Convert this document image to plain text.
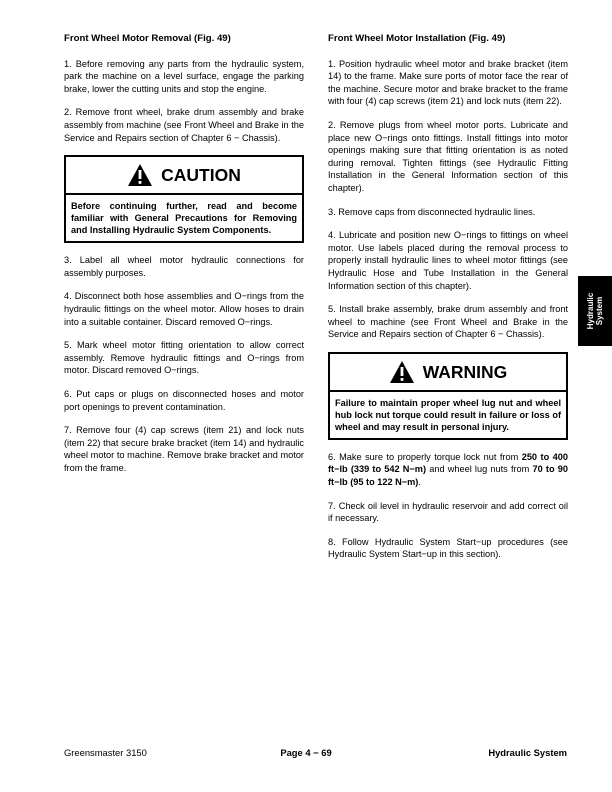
Front Wheel Motor Removal (Fig. 49)
1. Before removing any parts from the hydraulic system, park the machine on a level surface, engage the parking brake, lower the cutting units and stop the engine.
2. Remove front wheel, brake drum assembly and brake assembly from machine (see Front Wheel and Brake in the Service and Repairs section of Chapter 6 − Chassis).
CAUTION
Before continuing further, read and become familiar with General Precautions for Removing and Installing Hydraulic System Components.
3. Label all wheel motor hydraulic connections for assembly purposes.
4. Disconnect both hose assemblies and O−rings from the hydraulic fittings on the wheel motor. Allow hoses to drain into a suitable container. Discard removed O−rings.
5. Mark wheel motor fitting orientation to allow correct assembly. Remove hydraulic fittings and O−rings from motor. Discard removed O−rings.
6. Put caps or plugs on disconnected hoses and motor port openings to prevent contamination.
7. Remove four (4) cap screws (item 21) and lock nuts (item 22) that secure brake bracket (item 14) and hydraulic wheel motor to machine. Remove brake bracket and motor from the frame.
Front Wheel Motor Installation (Fig. 49)
1. Position hydraulic wheel motor and brake bracket (item 14) to the frame. Make sure ports of motor face the rear of the machine. Secure motor and brake bracket to the frame with four (4) cap screws (item 21) and lock nuts (item 22).
2. Remove plugs from wheel motor ports. Lubricate and place new O−rings onto fittings. Install fittings into motor openings making sure that fitting orientation is as noted during removal. Tighten fittings (see Hydraulic Fitting Installation in the General Information section of this chapter).
3. Remove caps from disconnected hydraulic lines.
4. Lubricate and position new O−rings to fittings on wheel motor. Use labels placed during the removal process to properly install hydraulic lines to wheel motor fittings (see Hydraulic Hose and Tube Installation in the General Information section of this chapter).
5. Install brake assembly, brake drum assembly and front wheel to machine (see Front Wheel and Brake in the Service and Repairs section of Chapter 6 − Chassis).
WARNING
Failure to maintain proper wheel lug nut and wheel hub lock nut torque could result in failure or loss of wheel and may result in personal injury.
6. Make sure to properly torque lock nut from 250 to 400 ft−lb (339 to 542 N−m) and wheel lug nuts from 70 to 90 ft−lb (95 to 122 N−m).
7. Check oil level in hydraulic reservoir and add correct oil if necessary.
8. Follow Hydraulic System Start−up procedures (see Hydraulic System Start−up in this section).
Hydraulic System
Greensmaster 3150	Page 4 − 69	Hydraulic System
